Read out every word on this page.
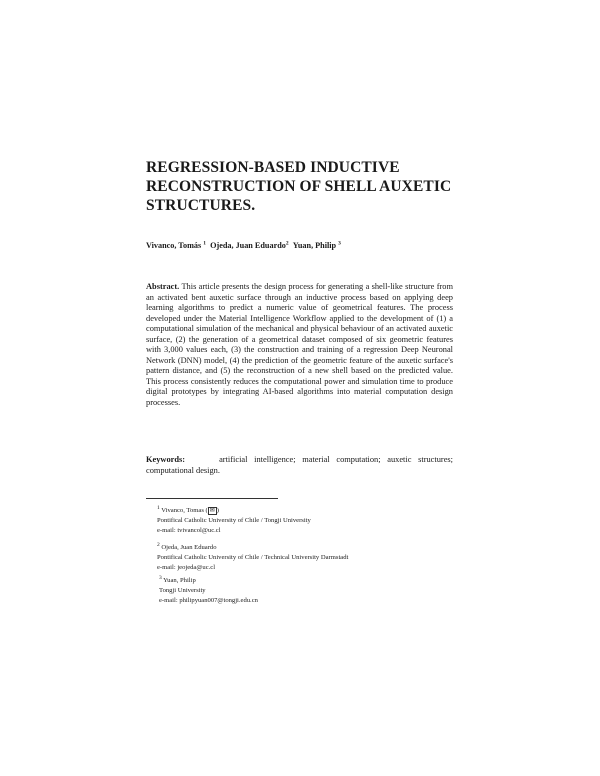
REGRESSION-BASED INDUCTIVE RECONSTRUCTION OF SHELL AUXETIC STRUCTURES.
Vivanco, Tomás $^1$ Ojeda, Juan Eduardo$^2$ Yuan, Philip $^3$

Abstract. This article presents the design process for generating a shell-like structure from an activated bent auxetic surface through an inductive process based on applying deep learning algorithms to predict a numeric value of geometrical features. The process developed under the Material Intelligence Workflow applied to the development of (1) a computational simulation of the mechanical and physical behaviour of an activated auxetic surface, (2) the generation of a geometrical dataset composed of six geometric features with 3,000 values each, (3) the construction and training of a regression Deep Neuronal Network (DNN) model, (4) the prediction of the geometric feature of the auxetic surface's pattern distance, and (5) the reconstruction of a new shell based on the predicted value. This process consistently reduces the computational power and simulation time to produce digital prototypes by integrating AI-based algorithms into material computation design processes.

Keywords:	artificial intelligence; material computation; auxetic structures; computational design.

$^1$ Vivanco, Tomas ( ✉ )
Pontifical Catholic University of Chile / Tongji University
e-mail: tvivancol@uc.cl
$^2$ Ojeda, Juan Eduardo
Pontifical Catholic University of Chile / Technical University Darmstadt
e-mail: jeojeda@uc.cl
$^3$ Yuan, Philip
Tongji University
e-mail: philipyuan007@tongji.edu.cn
